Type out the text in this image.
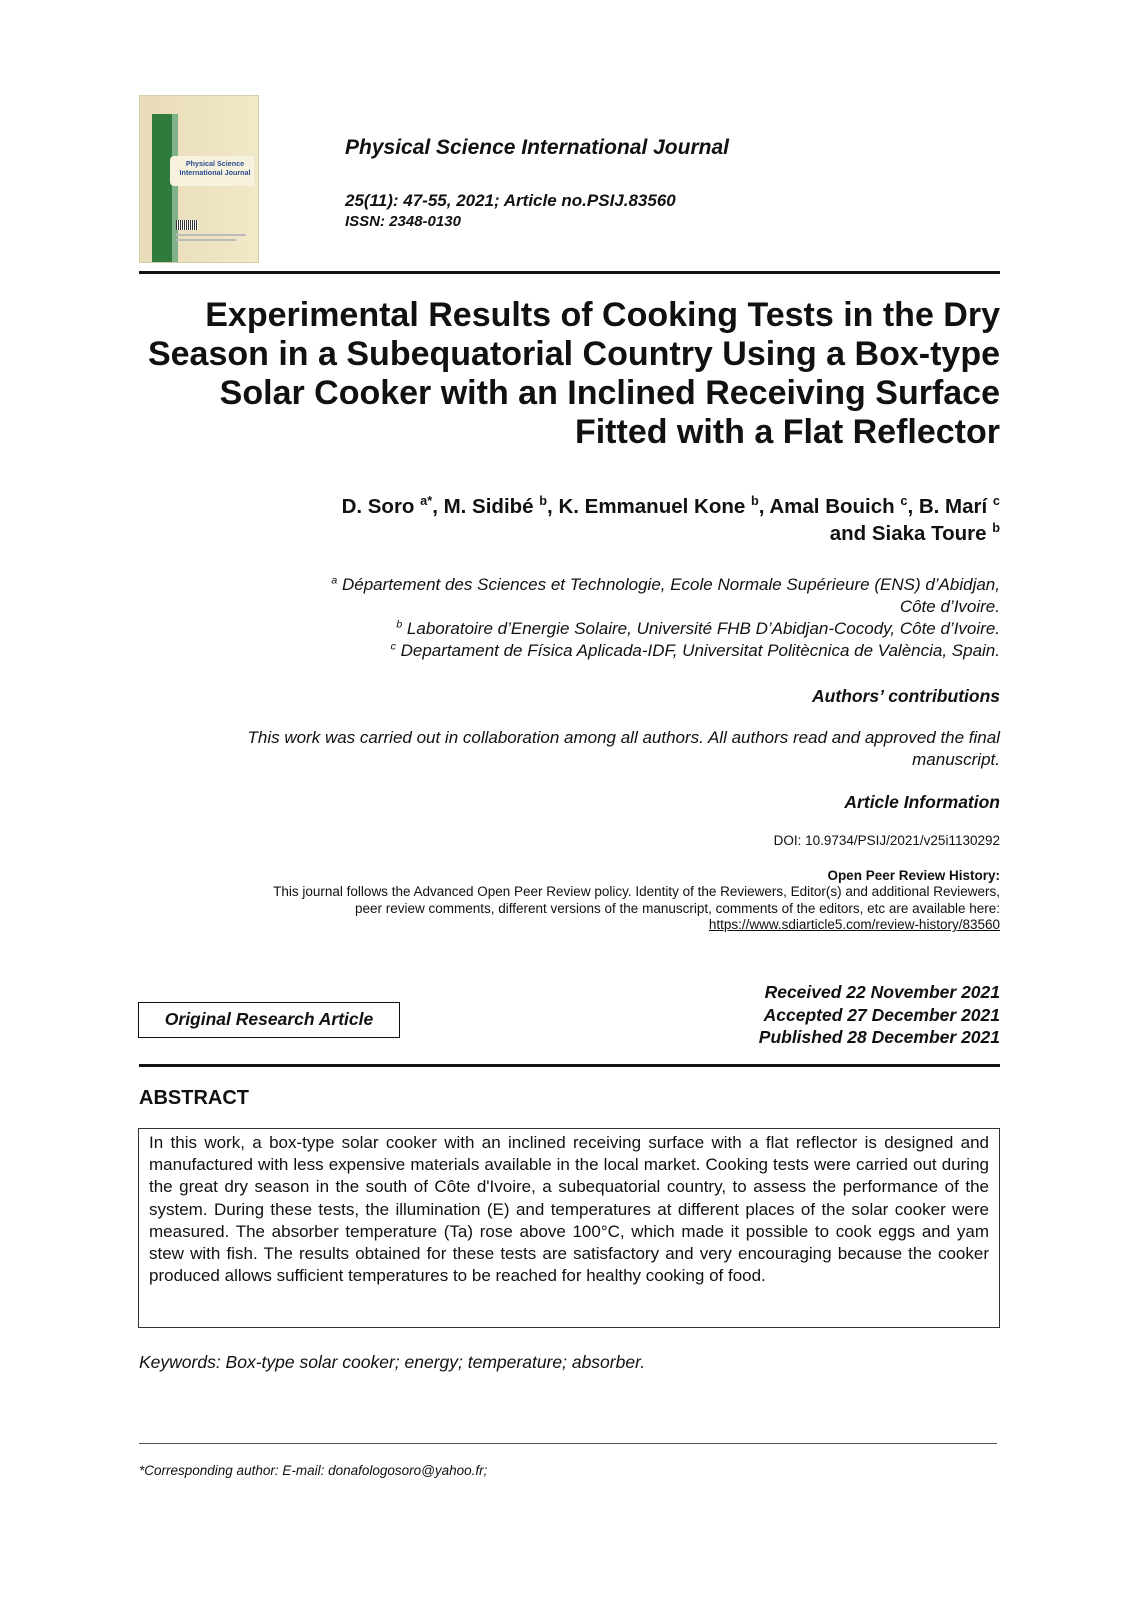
Physical Science International Journal
Physical Science International Journal
25(11): 47-55, 2021; Article no.PSIJ.83560
ISSN: 2348-0130
Experimental Results of Cooking Tests in the Dry
Season in a Subequatorial Country Using a Box-type
Solar Cooker with an Inclined Receiving Surface
Fitted with a Flat Reflector
D. Soro $^{a*}$, M. Sidibé $^b$, K. Emmanuel Kone $^b$, Amal Bouich $^c$, B. Marí $^c$
and Siaka Toure $^b$
$^a$ Département des Sciences et Technologie, Ecole Normale Supérieure (ENS) d’Abidjan,
Côte d’Ivoire.
$^b$ Laboratoire d’Energie Solaire, Université FHB D’Abidjan-Cocody, Côte d’Ivoire.
$^c$ Departament de Física Aplicada-IDF, Universitat Politècnica de València, Spain.
Authors’ contributions
This work was carried out in collaboration among all authors. All authors read and approved the final
manuscript.
Article Information
DOI: 10.9734/PSIJ/2021/v25i1130292
Open Peer Review History:
This journal follows the Advanced Open Peer Review policy. Identity of the Reviewers, Editor(s) and additional Reviewers,
peer review comments, different versions of the manuscript, comments of the editors, etc are available here:
https://www.sdiarticle5.com/review-history/83560
Original Research Article
Received 22 November 2021
Accepted 27 December 2021
Published 28 December 2021
ABSTRACT
In this work, a box-type solar cooker with an inclined receiving surface with a flat reflector is designed and manufactured with less expensive materials available in the local market. Cooking tests were carried out during the great dry season in the south of Côte d'Ivoire, a subequatorial country, to assess the performance of the system. During these tests, the illumination (E) and temperatures at different places of the solar cooker were measured. The absorber temperature (Ta) rose above 100°C, which made it possible to cook eggs and yam stew with fish. The results obtained for these tests are satisfactory and very encouraging because the cooker produced allows sufficient temperatures to be reached for healthy cooking of food.
Keywords: Box-type solar cooker; energy; temperature; absorber.
*Corresponding author: E-mail: donafologosoro@yahoo.fr;
